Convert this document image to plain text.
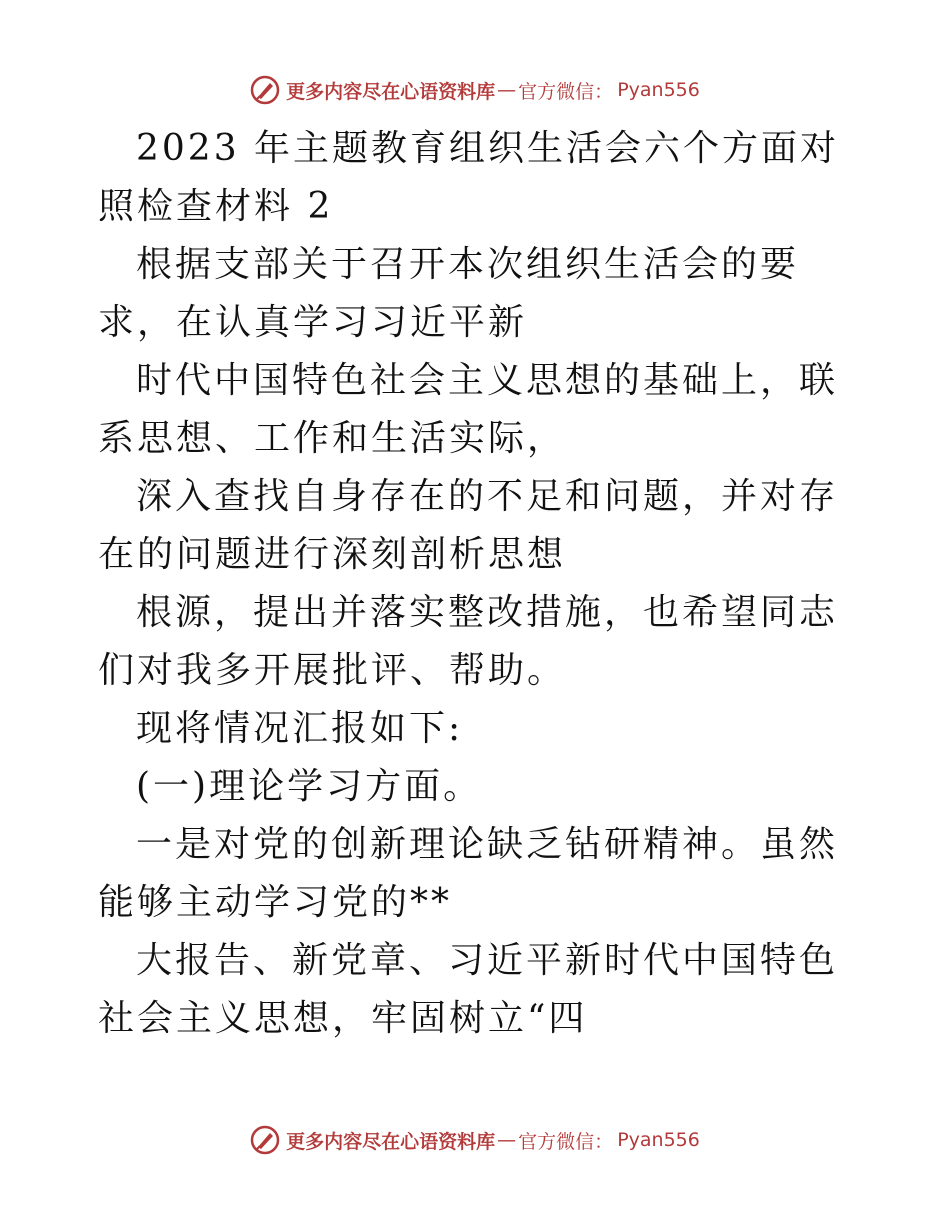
更多内容尽在心语资料库 — 官方微信： Pyan556

2023 年主题教育组织生活会六个方面对照检查材料 2

根据支部关于召开本次组织生活会的要求，在认真学习习近平新

时代中国特色社会主义思想的基础上，联系思想、工作和生活实际，

深入查找自身存在的不足和问题，并对存在的问题进行深刻剖析思想

根源，提出并落实整改措施，也希望同志们对我多开展批评、帮助。

现将情况汇报如下:

(一)理论学习方面。

一是对党的创新理论缺乏钻研精神。虽然能够主动学习党的**

大报告、新党章、习近平新时代中国特色社会主义思想，牢固树立“四

更多内容尽在心语资料库 — 官方微信： Pyan556
